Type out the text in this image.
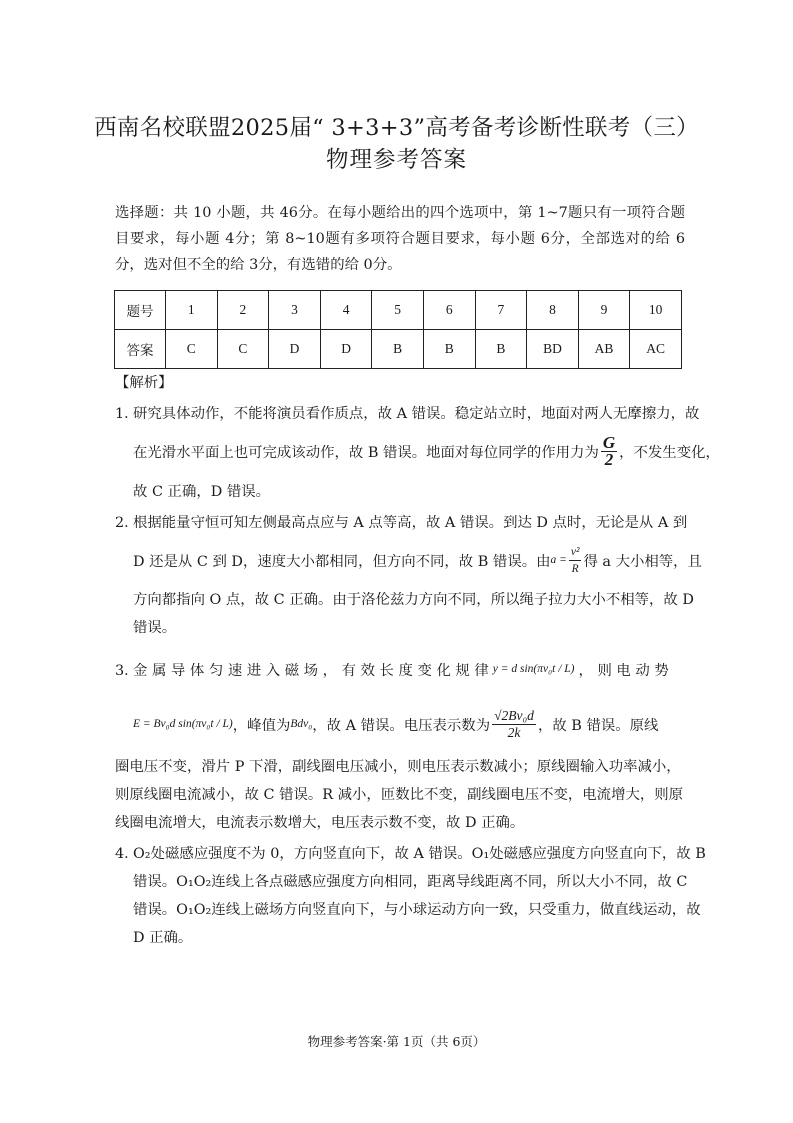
西南名校联盟2025届“ 3+3+3”高考备考诊断性联考（三）
物理参考答案

选择题：共 10 小题，共 46分。在每小题给出的四个选项中，第 1~7题只有一项符合题目要求，每小题 4分；第 8~10题有多项符合题目要求，每小题 6分，全部选对的给 6 分，选对但不全的给 3分，有选错的给 0分。

题号	1	2	3	4	5	6	7	8	9	10
答案	C	C	D	D	B	B	B	BD	AB	AC
【解析】
1．
研究具体动作，不能将演员看作质点，故 A 错误。稳定站立时，地面对两人无摩擦力，故
在光滑水平面上也可完成该动作，故 B 错误。地面对每位同学的作用力为 $\frac{G}{2}$ ，不发生变化，
故 C 正确，D 错误。
2．
根据能量守恒可知左侧最高点应与 A 点等高，故 A 错误。到达 D 点时，无论是从 A 到
D 还是从 C 到 D，速度大小都相同，但方向不同，故 B 错误。由 $a = \frac{\text{v²}}{R}$ 得 a 大小相等，且
方向都指向 O 点，故 C 正确。由于洛伦兹力方向不同，所以绳子拉力大小不相等，故 D
错误。
3．
金 属 导 体 匀 速 进 入 磁 场 ， 有 效 长 度 变 化 规 律 y = d sin(πv₀t / L) ， 则 电 动 势
E = Bv₀d sin(πv₀t / L) ，峰值为 Bdv₀ ，故 A 错误。电压表示数为 $\frac{\text{√2Bv₀d}}{2k}$ ，故 B 错误。原线
圈电压不变，滑片 P 下滑，副线圈电压减小，则电压表示数减小；原线圈输入功率减小，
则原线圈电流减小，故 C 错误。R 减小，匝数比不变，副线圈电压不变，电流增大，则原
线圈电流增大，电流表示数增大，电压表示数不变，故 D 正确。
4．
O₂处磁感应强度不为 0，方向竖直向下，故 A 错误。O₁处磁感应强度方向竖直向下，故 B
错误。O₁O₂连线上各点磁感应强度方向相同，距离导线距离不同，所以大小不同，故 C
错误。O₁O₂连线上磁场方向竖直向下，与小球运动方向一致，只受重力，做直线运动，故
D 正确。
物理参考答案·第 1页（共 6页）
